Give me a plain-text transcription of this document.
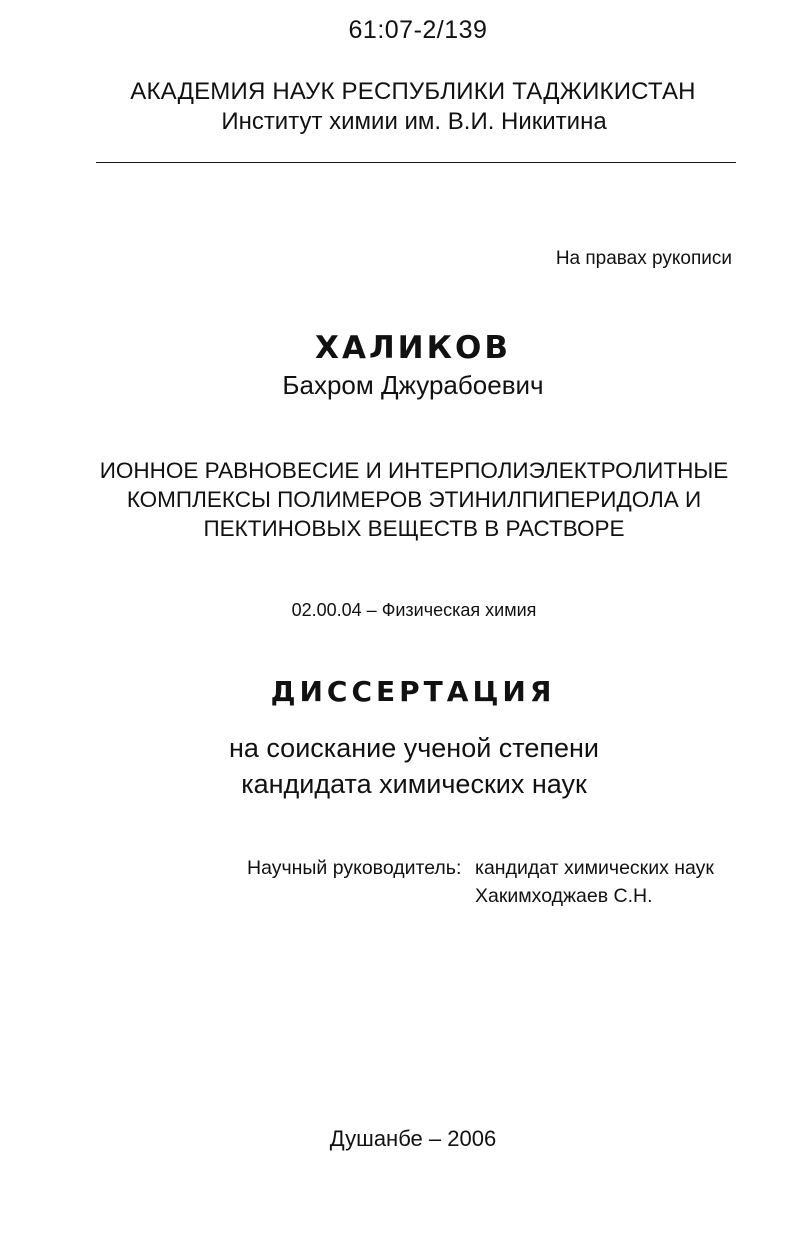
61:07-2/139
АКАДЕМИЯ НАУК РЕСПУБЛИКИ ТАДЖИКИСТАН
Институт химии им. В.И. Никитина
На правах рукописи
ХАЛИКОВ
Бахром Джурабоевич
ИОННОЕ РАВНОВЕСИЕ И ИНТЕРПОЛИЭЛЕКТРОЛИТНЫЕ
КОМПЛЕКСЫ ПОЛИМЕРОВ ЭТИНИЛПИПЕРИДОЛА И
ПЕКТИНОВЫХ ВЕЩЕСТВ В РАСТВОРЕ
02.00.04 – Физическая химия
ДИССЕРТАЦИЯ
на соискание ученой степени
кандидата химических наук
Научный руководитель: кандидат химических наук
Хакимходжаев С.Н.
Душанбе – 2006
